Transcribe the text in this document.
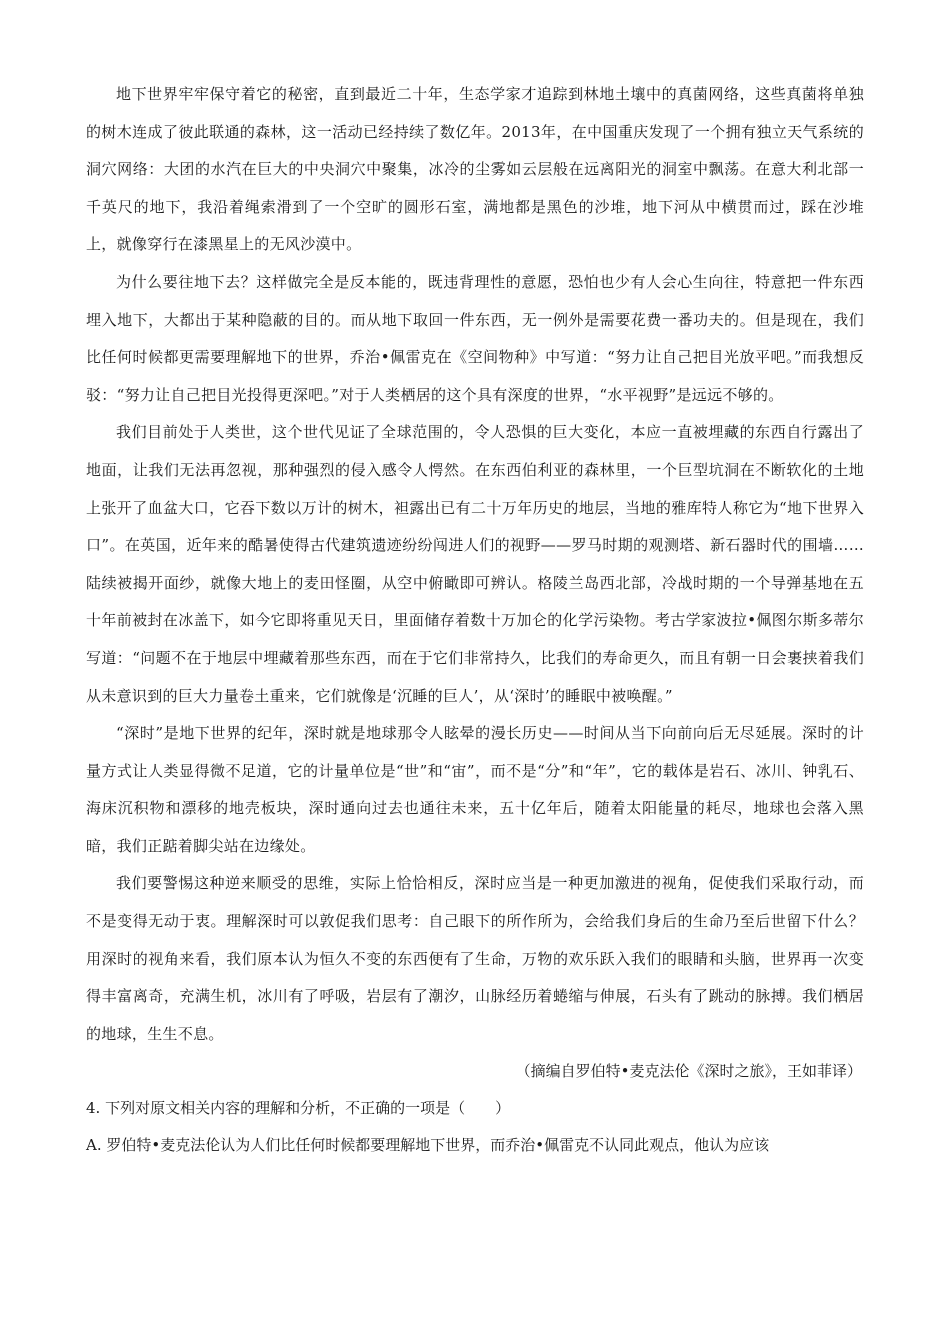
地下世界牢牢保守着它的秘密，直到最近二十年，生态学家才追踪到林地土壤中的真菌网络，这些真菌将单独的树木连成了彼此联通的森林，这一活动已经持续了数亿年。2013年，在中国重庆发现了一个拥有独立天气系统的洞穴网络：大团的水汽在巨大的中央洞穴中聚集，冰冷的尘雾如云层般在远离阳光的洞室中飘荡。在意大利北部一千英尺的地下，我沿着绳索滑到了一个空旷的圆形石室，满地都是黑色的沙堆，地下河从中横贯而过，踩在沙堆上，就像穿行在漆黑星上的无风沙漠中。

为什么要往地下去？这样做完全是反本能的，既违背理性的意愿，恐怕也少有人会心生向往，特意把一件东西埋入地下，大都出于某种隐蔽的目的。而从地下取回一件东西，无一例外是需要花费一番功夫的。但是现在，我们比任何时候都更需要理解地下的世界，乔治•佩雷克在《空间物种》中写道：“努力让自己把目光放平吧。”而我想反驳：“努力让自己把目光投得更深吧。”对于人类栖居的这个具有深度的世界，“水平视野”是远远不够的。

我们目前处于人类世，这个世代见证了全球范围的，令人恐惧的巨大变化，本应一直被埋藏的东西自行露出了地面，让我们无法再忽视，那种强烈的侵入感令人愕然。在东西伯利亚的森林里，一个巨型坑洞在不断软化的土地上张开了血盆大口，它吞下数以万计的树木，袒露出已有二十万年历史的地层，当地的雅库特人称它为“地下世界入口”。在英国，近年来的酷暑使得古代建筑遗迹纷纷闯进人们的视野——罗马时期的观测塔、新石器时代的围墙……陆续被揭开面纱，就像大地上的麦田怪圈，从空中俯瞰即可辨认。格陵兰岛西北部，冷战时期的一个导弹基地在五十年前被封在冰盖下，如今它即将重见天日，里面储存着数十万加仑的化学污染物。考古学家波拉•佩图尔斯多蒂尔写道：“问题不在于地层中埋藏着那些东西，而在于它们非常持久，比我们的寿命更久，而且有朝一日会裹挟着我们从未意识到的巨大力量卷土重来，它们就像是‘沉睡的巨人’，从‘深时’的睡眠中被唤醒。”

“深时”是地下世界的纪年，深时就是地球那令人眩晕的漫长历史——时间从当下向前向后无尽延展。深时的计量方式让人类显得微不足道，它的计量单位是“世”和“宙”，而不是“分”和“年”，它的载体是岩石、冰川、钟乳石、海床沉积物和漂移的地壳板块，深时通向过去也通往未来，五十亿年后，随着太阳能量的耗尽，地球也会落入黑暗，我们正踮着脚尖站在边缘处。

我们要警惕这种逆来顺受的思维，实际上恰恰相反，深时应当是一种更加激进的视角，促使我们采取行动，而不是变得无动于衷。理解深时可以敦促我们思考：自己眼下的所作所为，会给我们身后的生命乃至后世留下什么？用深时的视角来看，我们原本认为恒久不变的东西便有了生命，万物的欢乐跃入我们的眼睛和头脑，世界再一次变得丰富离奇，充满生机，冰川有了呼吸，岩层有了潮汐，山脉经历着蜷缩与伸展，石头有了跳动的脉搏。我们栖居的地球，生生不息。

（摘编自罗伯特•麦克法伦《深时之旅》，王如菲译）

4. 下列对原文相关内容的理解和分析，不正确的一项是（　　）

A. 罗伯特•麦克法伦认为人们比任何时候都要理解地下世界，而乔治•佩雷克不认同此观点，他认为应该
